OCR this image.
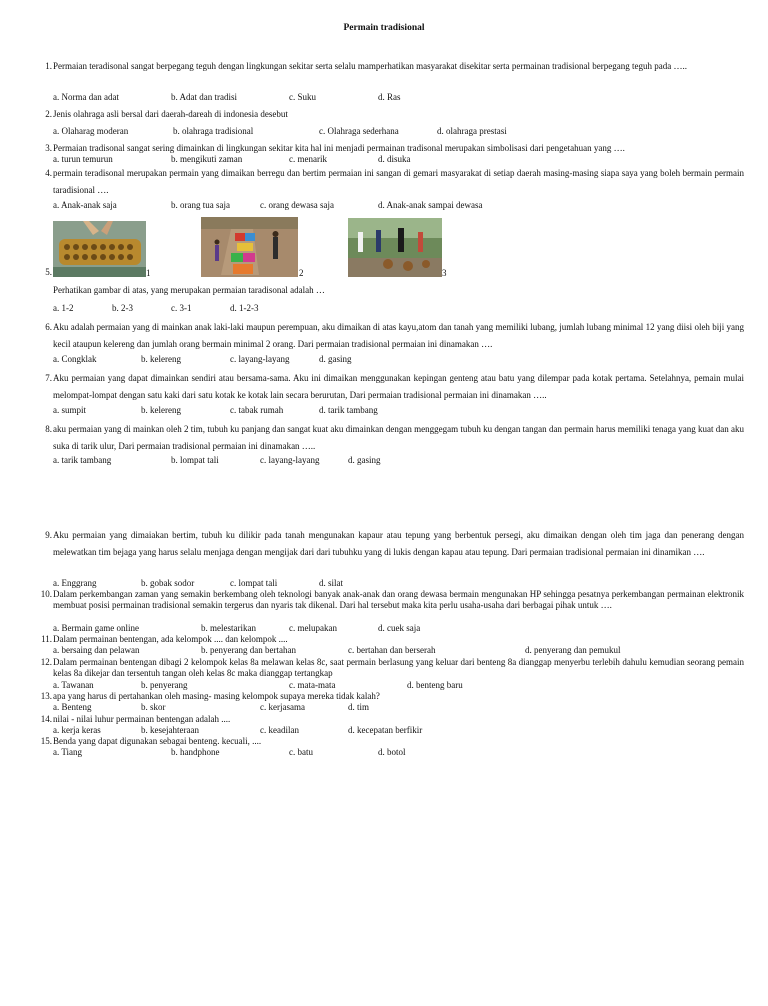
Permain tradisional
1. Permaian teradisonal sangat berpegang teguh dengan lingkungan sekitar serta selalu mamperhatikan masyarakat disekitar serta permainan tradisional berpegang teguh pada …..
a. Norma dan adat	b. Adat dan tradisi	c. Suku	d. Ras
2. Jenis olahraga asli bersal dari daerah-dareah di indonesia desebut
a. Olaharag moderan	b. olahraga tradisional	c. Olahraga sederhana	d. olahraga prestasi
3. Permaian tradisonal sangat sering dimainkan di lingkungan sekitar kita hal ini menjadi permainan tradisonal merupakan simbolisasi dari pengetahuan yang ….
a. turun temurun	b. mengikuti zaman	c. menarik	d. disuka
4. permain teradisonal merupakan permain yang dimaikan berregu dan bertim permaian ini sangan di gemari masyarakat di setiap daerah masing-masing siapa saya yang boleh bermain permain taradisional ….
a. Anak-anak saja	b. orang tua saja	c. orang dewasa saja	d. Anak-anak sampai dewasa
5.	1	2	3
Perhatikan gambar di atas, yang merupakan permaian taradisonal adalah …
a. 1-2	b. 2-3	c. 3-1	d. 1-2-3
6. Aku adalah permaian yang di mainkan anak laki-laki maupun perempuan, aku dimaikan di atas kayu,atom dan tanah yang memiliki lubang, jumlah lubang minimal 12 yang diisi oleh biji yang kecil ataupun kelereng dan jumlah orang bermain minimal 2 orang. Dari permaian tradisional permaian ini dinamakan ….
a. Congklak	b. kelereng	c. layang-layang	d. gasing
7. Aku permaian yang dapat dimainkan sendiri atau bersama-sama. Aku ini dimaikan menggunakan kepingan genteng atau batu yang dilempar pada kotak pertama. Setelahnya, pemain mulai melompat-lompat dengan satu kaki dari satu kotak ke kotak lain secara berurutan, Dari permaian tradisional permaian ini dinamakan …..
a. sumpit	b. kelereng	c. tabak rumah	d. tarik tambang
8. aku permaian yang di mainkan oleh 2 tim, tubuh ku panjang dan sangat kuat aku dimainkan dengan menggegam tubuh ku dengan tangan dan permain harus memiliki tenaga yang kuat dan aku suka di tarik ulur, Dari permaian tradisional permaian ini dinamakan …..
a. tarik tambang	b. lompat tali	c. layang-layang	d. gasing
9. Aku permaian yang dimaiakan bertim, tubuh ku dilikir pada tanah mengunakan kapaur atau tepung yang berbentuk persegi, aku dimaikan dengan oleh tim jaga dan penerang dengan melewatkan tim bejaga yang harus selalu menjaga dengan mengijak dari dari tubuhku yang di lukis dengan kapau atau tepung. Dari permaian tradisional permaian ini dinamikan ….
a. Enggrang	b. gobak sodor	c. lompat tali	d. silat
10. Dalam perkembangan zaman yang semakin berkembang oleh teknologi banyak anak-anak dan orang dewasa bermain mengunakan HP sehingga pesatnya perkembangan permainan elektronik membuat posisi permainan tradisional semakin tergerus dan nyaris tak dikenal. Dari hal tersebut maka kita perlu usaha-usaha dari berbagai pihak untuk ….
a. Bermain game online	b. melestarikan	c. melupakan	d. cuek saja
11. Dalam permainan bentengan, ada kelompok .... dan kelompok ....
a. bersaing dan pelawan	b. penyerang dan bertahan	c. bertahan dan berserah	d. penyerang dan pemukul
12. Dalam permainan bentengan dibagi 2 kelompok kelas 8a melawan kelas 8c, saat permain berlasung yang keluar dari benteng 8a dianggap menyerbu terlebih dahulu kemudian seorang pemain kelas 8a dikejar dan tersentuh tangan oleh kelas 8c maka dianggap tertangkap
a. Tawanan	b. penyerang	c. mata-mata	d. benteng baru
13. apa yang harus di pertahankan oleh masing- masing kelompok supaya mereka tidak kalah?
a. Benteng	b. skor	c. kerjasama	d. tim
14. nilai - nilai luhur permainan bentengan adalah ....
a. kerja keras	b. kesejahteraan	c. keadilan	d. kecepatan berfikir
15. Benda yang dapat digunakan sebagai benteng. kecuali, ....
a. Tiang	b. handphone	c. batu	d. botol
